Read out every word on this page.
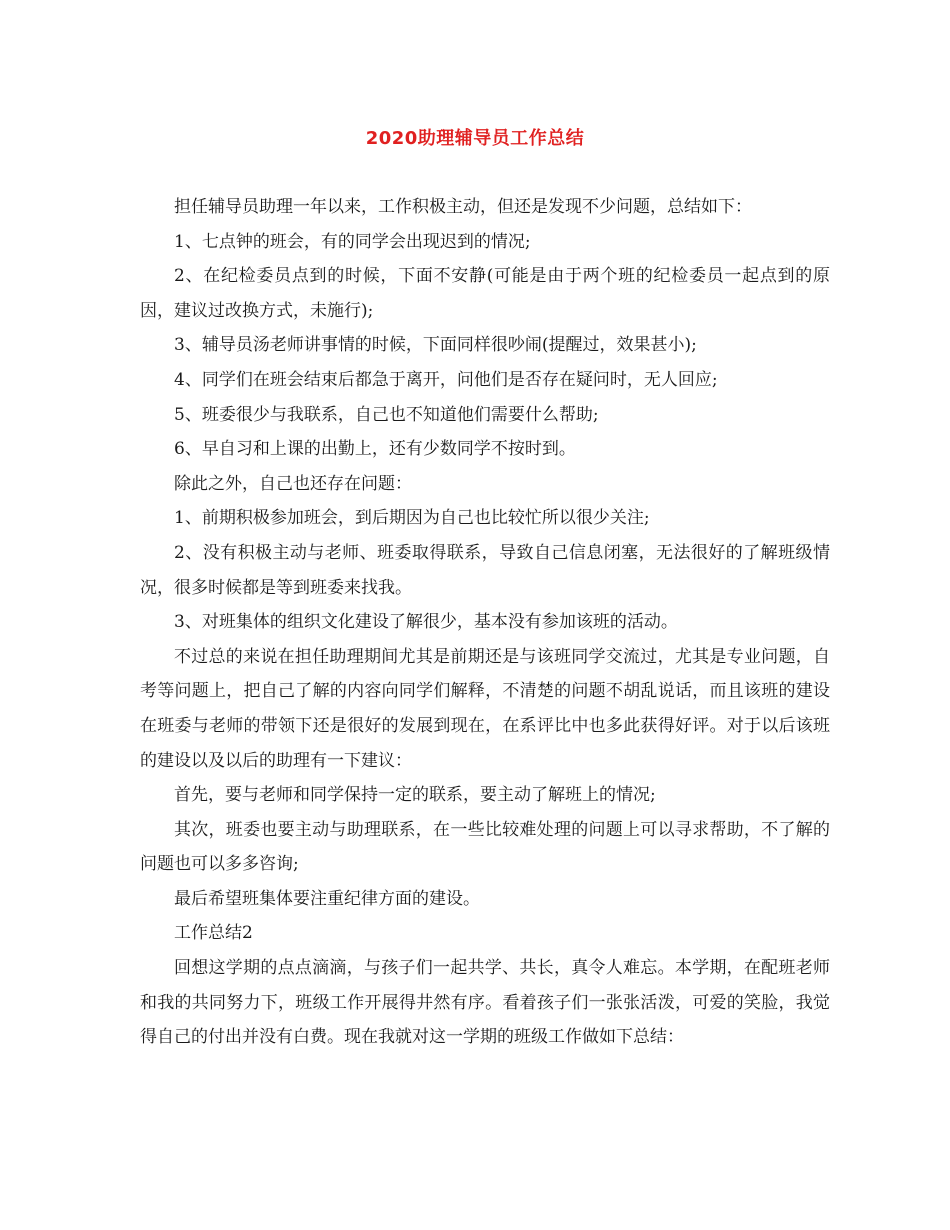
2020助理辅导员工作总结

担任辅导员助理一年以来，工作积极主动，但还是发现不少问题，总结如下：

1、七点钟的班会，有的同学会出现迟到的情况;

2、在纪检委员点到的时候，下面不安静(可能是由于两个班的纪检委员一起点到的原因，建议过改换方式，未施行);

3、辅导员汤老师讲事情的时候，下面同样很吵闹(提醒过，效果甚小);

4、同学们在班会结束后都急于离开，问他们是否存在疑问时，无人回应;

5、班委很少与我联系，自己也不知道他们需要什么帮助;

6、早自习和上课的出勤上，还有少数同学不按时到。

除此之外，自己也还存在问题：

1、前期积极参加班会，到后期因为自己也比较忙所以很少关注;

2、没有积极主动与老师、班委取得联系，导致自己信息闭塞，无法很好的了解班级情况，很多时候都是等到班委来找我。

3、对班集体的组织文化建设了解很少，基本没有参加该班的活动。

不过总的来说在担任助理期间尤其是前期还是与该班同学交流过，尤其是专业问题，自考等问题上，把自己了解的内容向同学们解释，不清楚的问题不胡乱说话，而且该班的建设在班委与老师的带领下还是很好的发展到现在，在系评比中也多此获得好评。对于以后该班的建设以及以后的助理有一下建议：

首先，要与老师和同学保持一定的联系，要主动了解班上的情况;

其次，班委也要主动与助理联系，在一些比较难处理的问题上可以寻求帮助，不了解的问题也可以多多咨询;

最后希望班集体要注重纪律方面的建设。

工作总结2

回想这学期的点点滴滴，与孩子们一起共学、共长，真令人难忘。本学期，在配班老师和我的共同努力下，班级工作开展得井然有序。看着孩子们一张张活泼，可爱的笑脸，我觉得自己的付出并没有白费。现在我就对这一学期的班级工作做如下总结：
